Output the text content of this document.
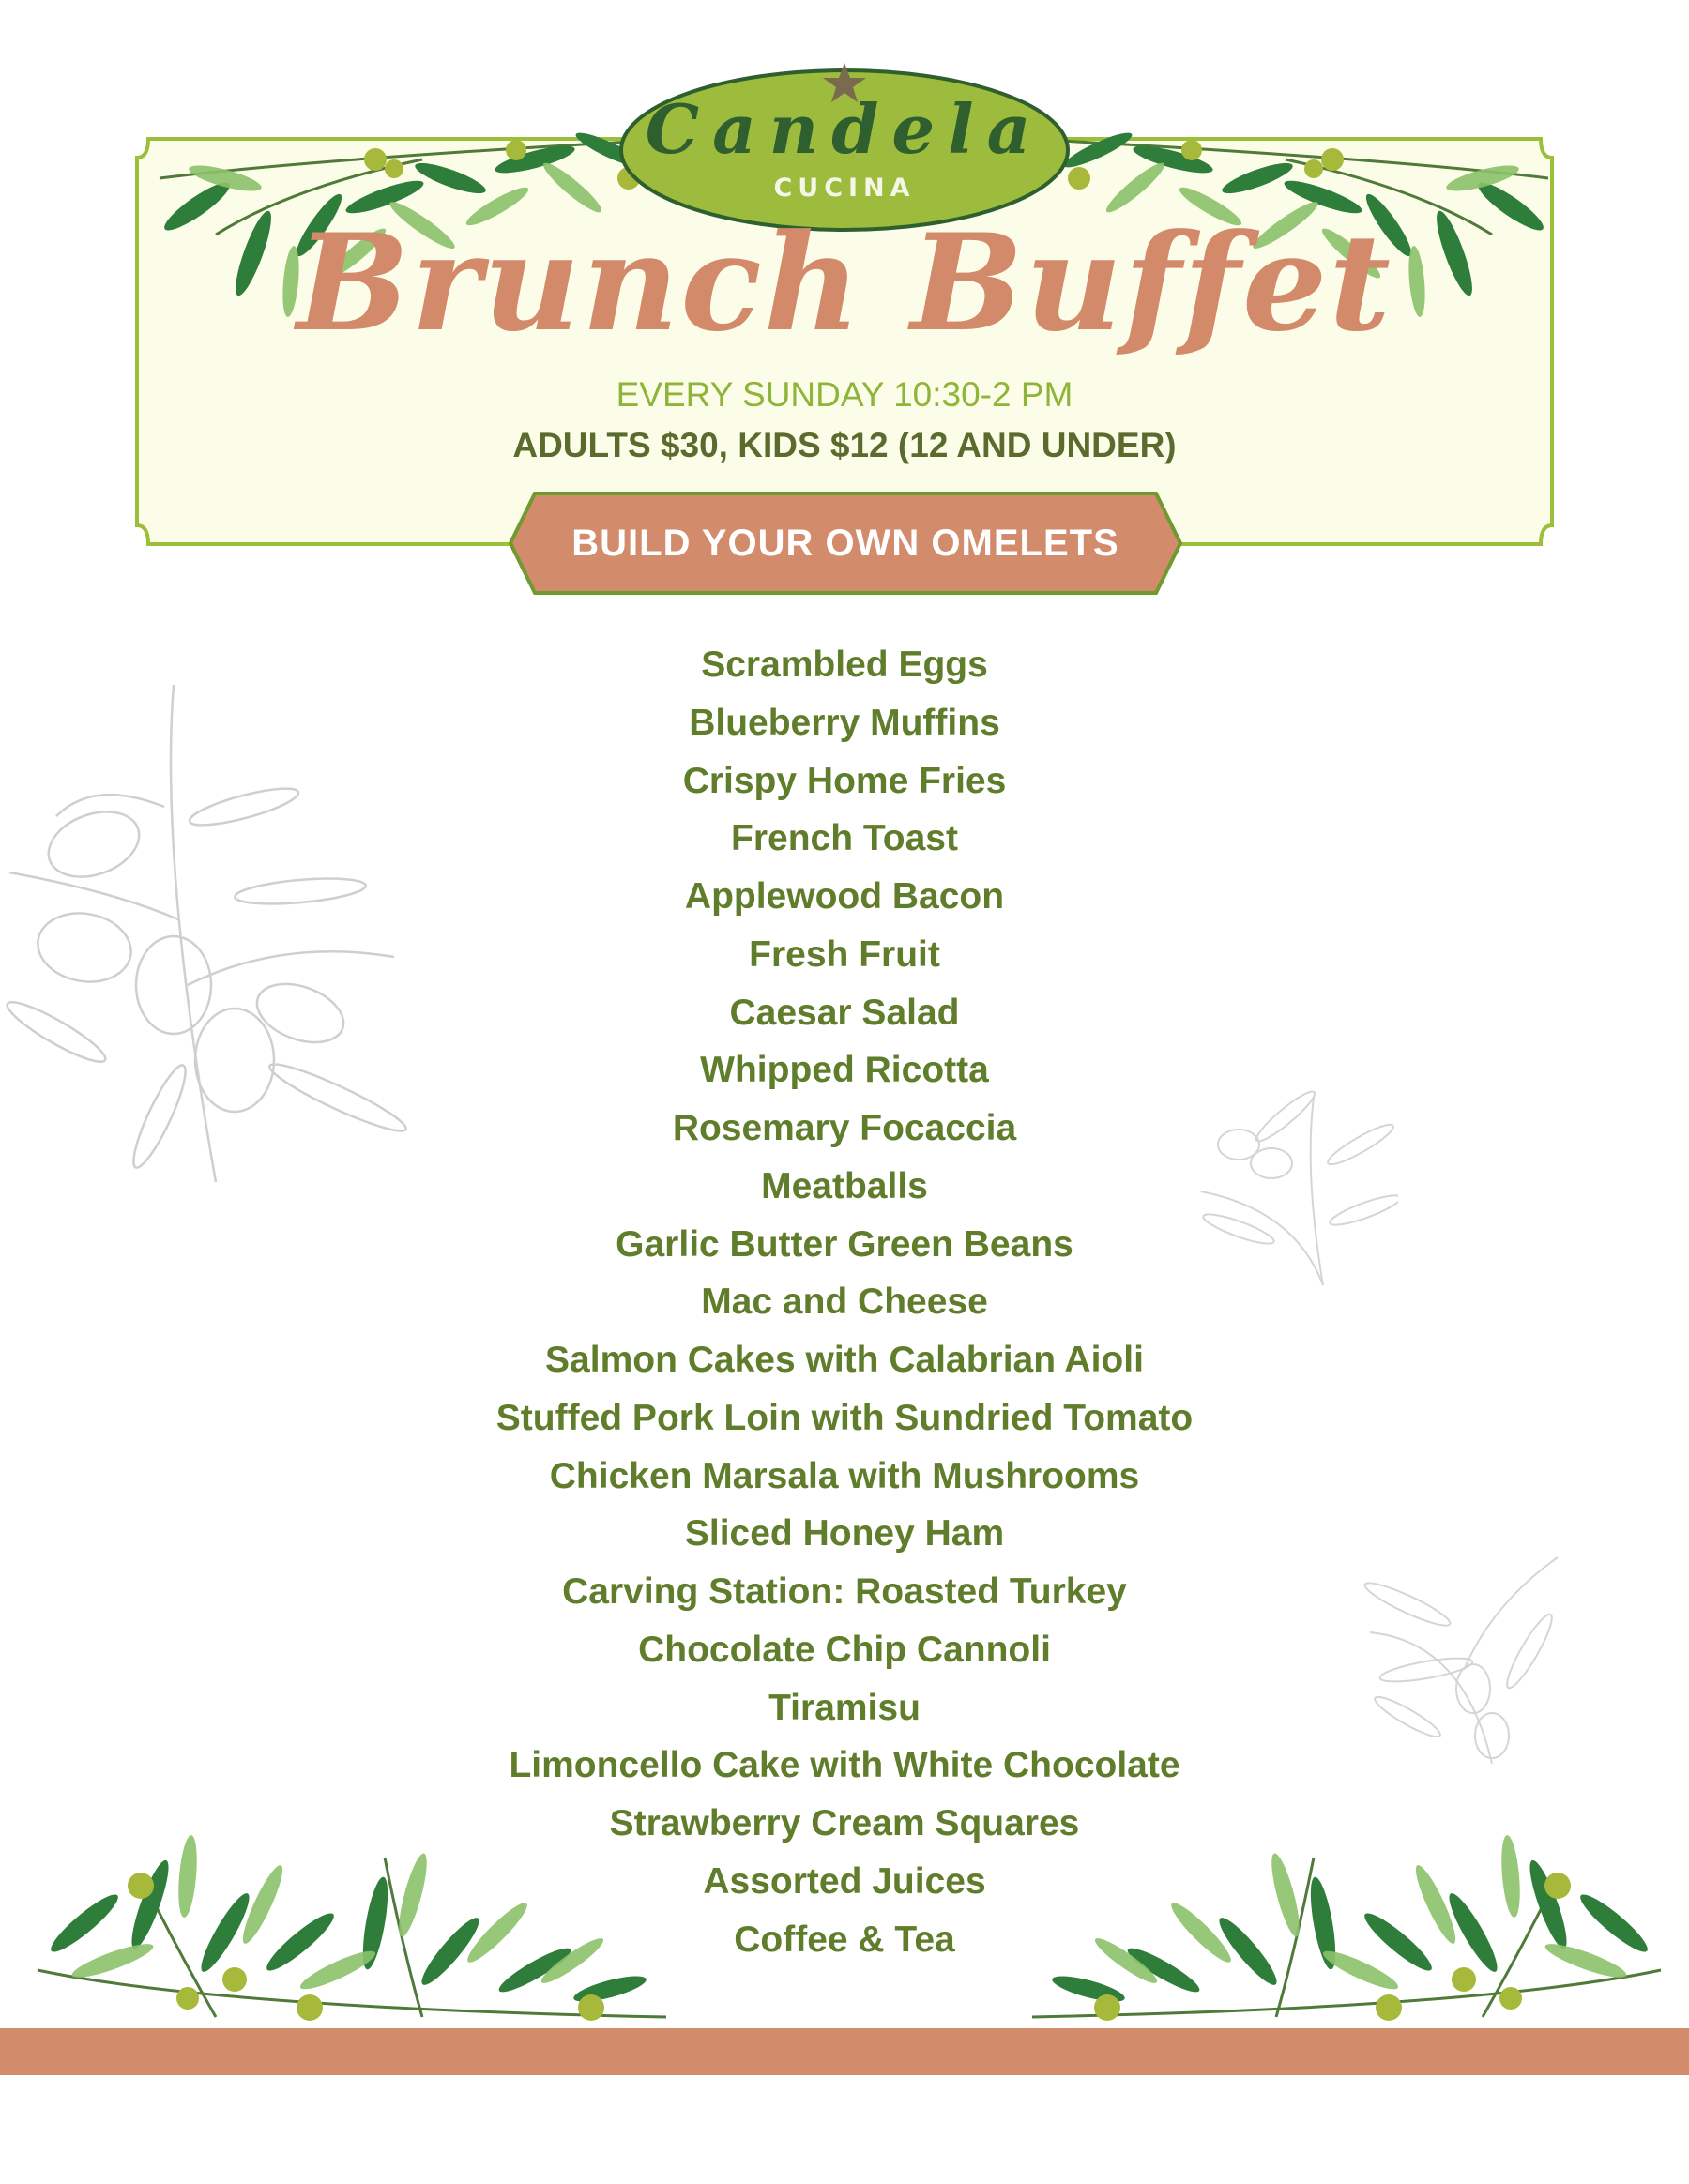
Candela
CUCINA
Brunch Buffet
EVERY SUNDAY 10:30-2 PM
ADULTS $30, KIDS $12 (12 AND UNDER)
BUILD YOUR OWN OMELETS
Scrambled Eggs
Blueberry Muffins
Crispy Home Fries
French Toast
Applewood Bacon
Fresh Fruit
Caesar Salad
Whipped Ricotta
Rosemary Focaccia
Meatballs
Garlic Butter Green Beans
Mac and Cheese
Salmon Cakes with Calabrian Aioli
Stuffed Pork Loin with Sundried Tomato
Chicken Marsala with Mushrooms
Sliced Honey Ham
Carving Station: Roasted Turkey
Chocolate Chip Cannoli
Tiramisu
Limoncello Cake with White Chocolate
Strawberry Cream Squares
Assorted Juices
Coffee & Tea
